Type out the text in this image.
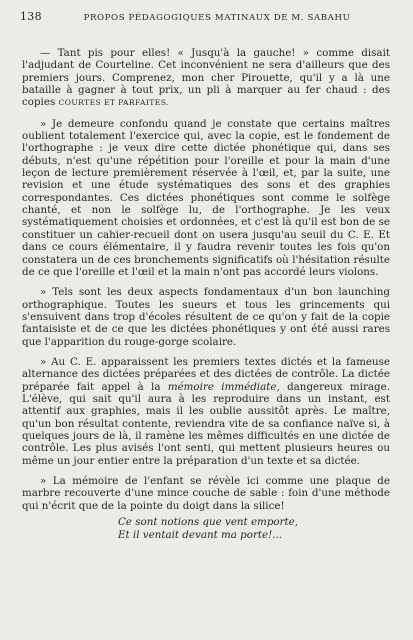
138	PROPOS PÉDAGOGIQUES MATINAUX DE M. SABAHU

— Tant pis pour elles! « Jusqu'à la gauche! » comme disait l'adjudant de Courteline. Cet inconvénient ne sera d'ailleurs que des premiers jours. Comprenez, mon cher Pirouette, qu'il y a là une bataille à gagner à tout prix, un pli à marquer au fer chaud : des copies COURTES ET PARFAITES.

» Je demeure confondu quand je constate que certains maîtres oublient totalement l'exercice qui, avec la copie, est le fondement de l'orthographe : je veux dire cette dictée phonétique qui, dans ses débuts, n'est qu'une répétition pour l'oreille et pour la main d'une leçon de lecture premièrement réservée à l'œil, et, par la suite, une revision et une étude systématiques des sons et des graphies correspondantes. Ces dictées phonétiques sont comme le solfège chanté, et non le solfège lu, de l'orthographe. Je les veux systématiquement choisies et ordonnées, et c'est là qu'il est bon de se constituer un cahier-recueil dont on usera jusqu'au seuil du C. E. Et dans ce cours élémentaire, il y faudra revenir toutes les fois qu'on constatera un de ces bronchements significatifs où l'hésitation résulte de ce que l'oreille et l'œil et la main n'ont pas accordé leurs violons.

» Tels sont les deux aspects fondamentaux d'un bon launching orthographique. Toutes les sueurs et tous les grincements qui s'ensuivent dans trop d'écoles résultent de ce qu'on y fait de la copie fantaisiste et de ce que les dictées phonétiques y ont été aussi rares que l'apparition du rouge-gorge scolaire.

» Au C. E. apparaissent les premiers textes dictés et la fameuse alternance des dictées préparées et des dictées de contrôle. La dictée préparée fait appel à la mémoire immédiate, dangereux mirage. L'élève, qui sait qu'il aura à les reproduire dans un instant, est attentif aux graphies, mais il les oublie aussitôt après. Le maître, qu'un bon résultat contente, reviendra vite de sa confiance naïve si, à quelques jours de là, il ramène les mêmes difficultés en une dictée de contrôle. Les plus avisés l'ont senti, qui mettent plusieurs heures ou même un jour entier entre la préparation d'un texte et sa dictée.

» La mémoire de l'enfant se révèle ici comme une plaque de marbre recouverte d'une mince couche de sable : foin d'une méthode qui n'écrit que de la pointe du doigt dans la silice!

Ce sont notions que vent emporte,
Et il ventait devant ma porte!...
